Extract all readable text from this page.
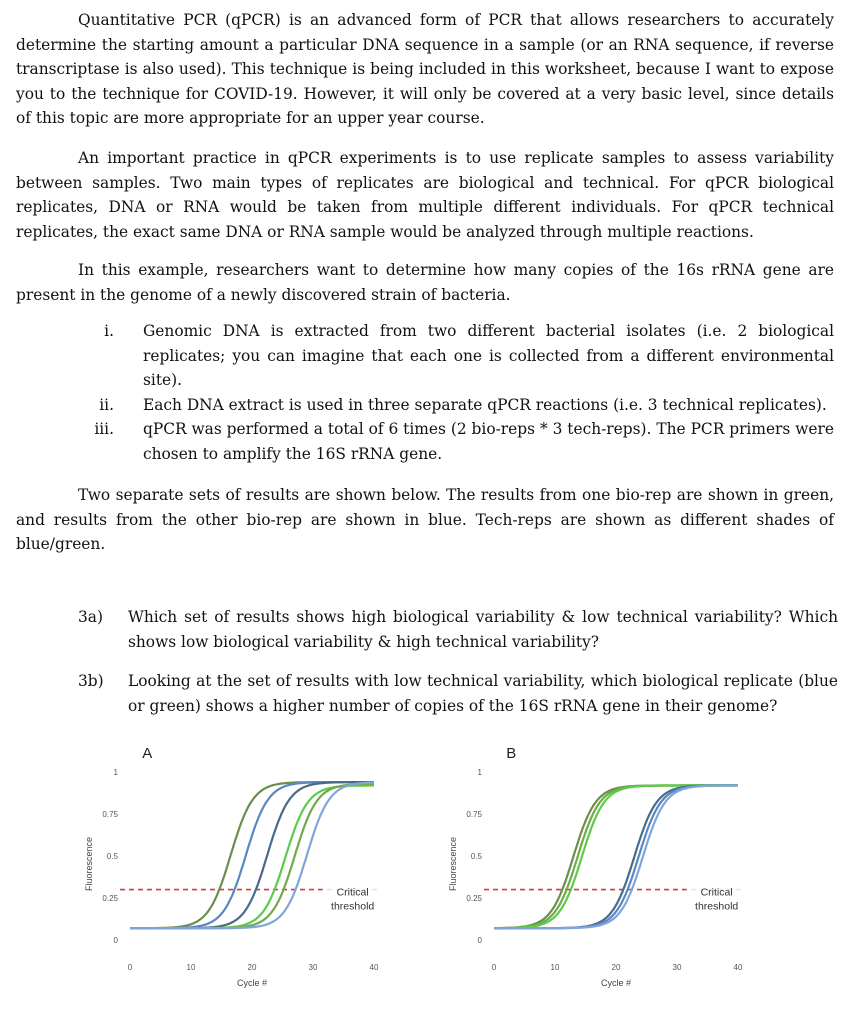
Quantitative PCR (qPCR) is an advanced form of PCR that allows researchers to accurately determine the starting amount a particular DNA sequence in a sample (or an RNA sequence, if reverse transcriptase is also used). This technique is being included in this worksheet, because I want to expose you to the technique for COVID-19. However, it will only be covered at a very basic level, since details of this topic are more appropriate for an upper year course.

An important practice in qPCR experiments is to use replicate samples to assess variability between samples. Two main types of replicates are biological and technical. For qPCR biological replicates, DNA or RNA would be taken from multiple different individuals. For qPCR technical replicates, the exact same DNA or RNA sample would be analyzed through multiple reactions.

In this example, researchers want to determine how many copies of the 16s rRNA gene are present in the genome of a newly discovered strain of bacteria.

i. Genomic DNA is extracted from two different bacterial isolates (i.e. 2 biological replicates; you can imagine that each one is collected from a different environmental site).
ii. Each DNA extract is used in three separate qPCR reactions (i.e. 3 technical replicates).
iii. qPCR was performed a total of 6 times (2 bio-reps * 3 tech-reps). The PCR primers were chosen to amplify the 16S rRNA gene.

Two separate sets of results are shown below. The results from one bio-rep are shown in green, and results from the other bio-rep are shown in blue. Tech-reps are shown as different shades of blue/green.

3a) Which set of results shows high biological variability & low technical variability? Which shows low biological variability & high technical variability?
3b) Looking at the set of results with low technical variability, which biological replicate (blue or green) shows a higher number of copies of the 16S rRNA gene in their genome?
A
Fluorescence
0
0.25
0.5
0.75
1
0	10	20	30	40
Cycle #
Critical
threshold
B
Fluorescence
0
0.25
0.5
0.75
1
0	10	20	30	40
Cycle #
Critical
threshold
